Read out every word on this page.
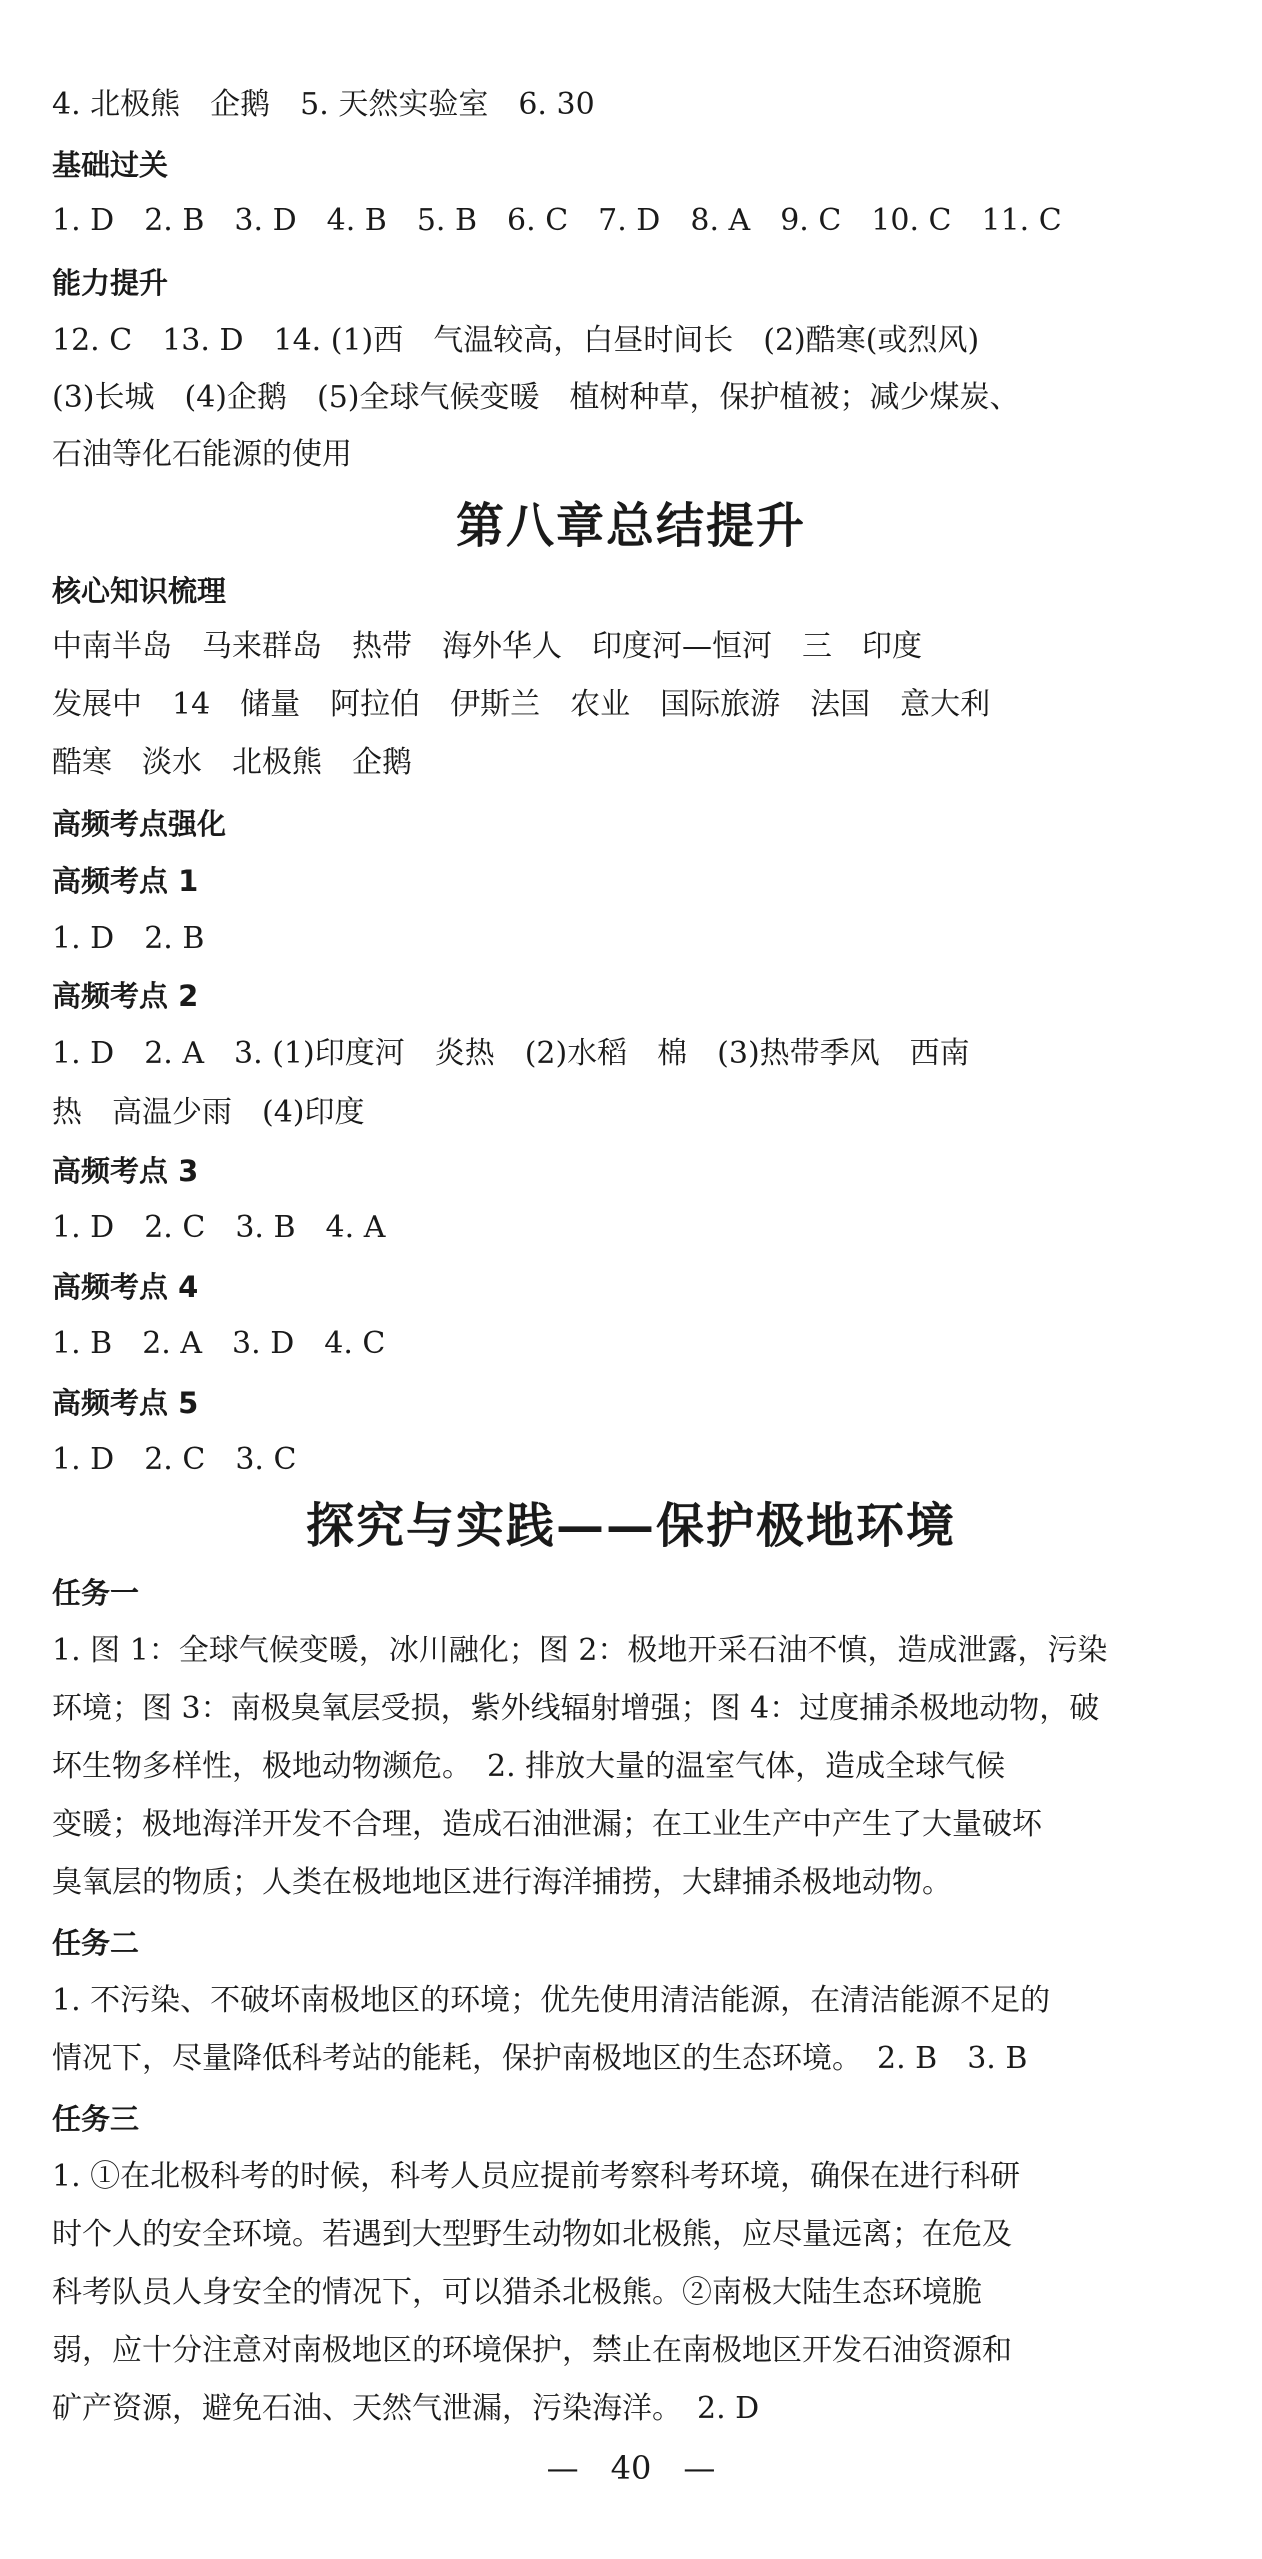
4. 北极熊　企鹅　5. 天然实验室　6. 30
基础过关
1. D　2. B　3. D　4. B　5. B　6. C　7. D　8. A　9. C　10. C　11. C
能力提升
12. C　13. D　14. (1)西　气温较高，白昼时间长　(2)酷寒(或烈风)
(3)长城　(4)企鹅　(5)全球气候变暖　植树种草，保护植被；减少煤炭、
石油等化石能源的使用
第八章总结提升
核心知识梳理
中南半岛　马来群岛　热带　海外华人　印度河—恒河　三　印度
发展中　14　储量　阿拉伯　伊斯兰　农业　国际旅游　法国　意大利
酷寒　淡水　北极熊　企鹅
高频考点强化
高频考点 1
1. D　2. B
高频考点 2
1. D　2. A　3. (1)印度河　炎热　(2)水稻　棉　(3)热带季风　西南
热　高温少雨　(4)印度
高频考点 3
1. D　2. C　3. B　4. A
高频考点 4
1. B　2. A　3. D　4. C
高频考点 5
1. D　2. C　3. C
探究与实践——保护极地环境
任务一
1. 图 1：全球气候变暖，冰川融化；图 2：极地开采石油不慎，造成泄露，污染
环境；图 3：南极臭氧层受损，紫外线辐射增强；图 4：过度捕杀极地动物，破
坏生物多样性，极地动物濒危。　2. 排放大量的温室气体，造成全球气候
变暖；极地海洋开发不合理，造成石油泄漏；在工业生产中产生了大量破坏
臭氧层的物质；人类在极地地区进行海洋捕捞，大肆捕杀极地动物。
任务二
1. 不污染、不破坏南极地区的环境；优先使用清洁能源，在清洁能源不足的
情况下，尽量降低科考站的能耗，保护南极地区的生态环境。　2. B　3. B
任务三
1. ①在北极科考的时候，科考人员应提前考察科考环境，确保在进行科研
时个人的安全环境。若遇到大型野生动物如北极熊，应尽量远离；在危及
科考队员人身安全的情况下，可以猎杀北极熊。②南极大陆生态环境脆
弱，应十分注意对南极地区的环境保护，禁止在南极地区开发石油资源和
矿产资源，避免石油、天然气泄漏，污染海洋。　2. D
—　40　—
